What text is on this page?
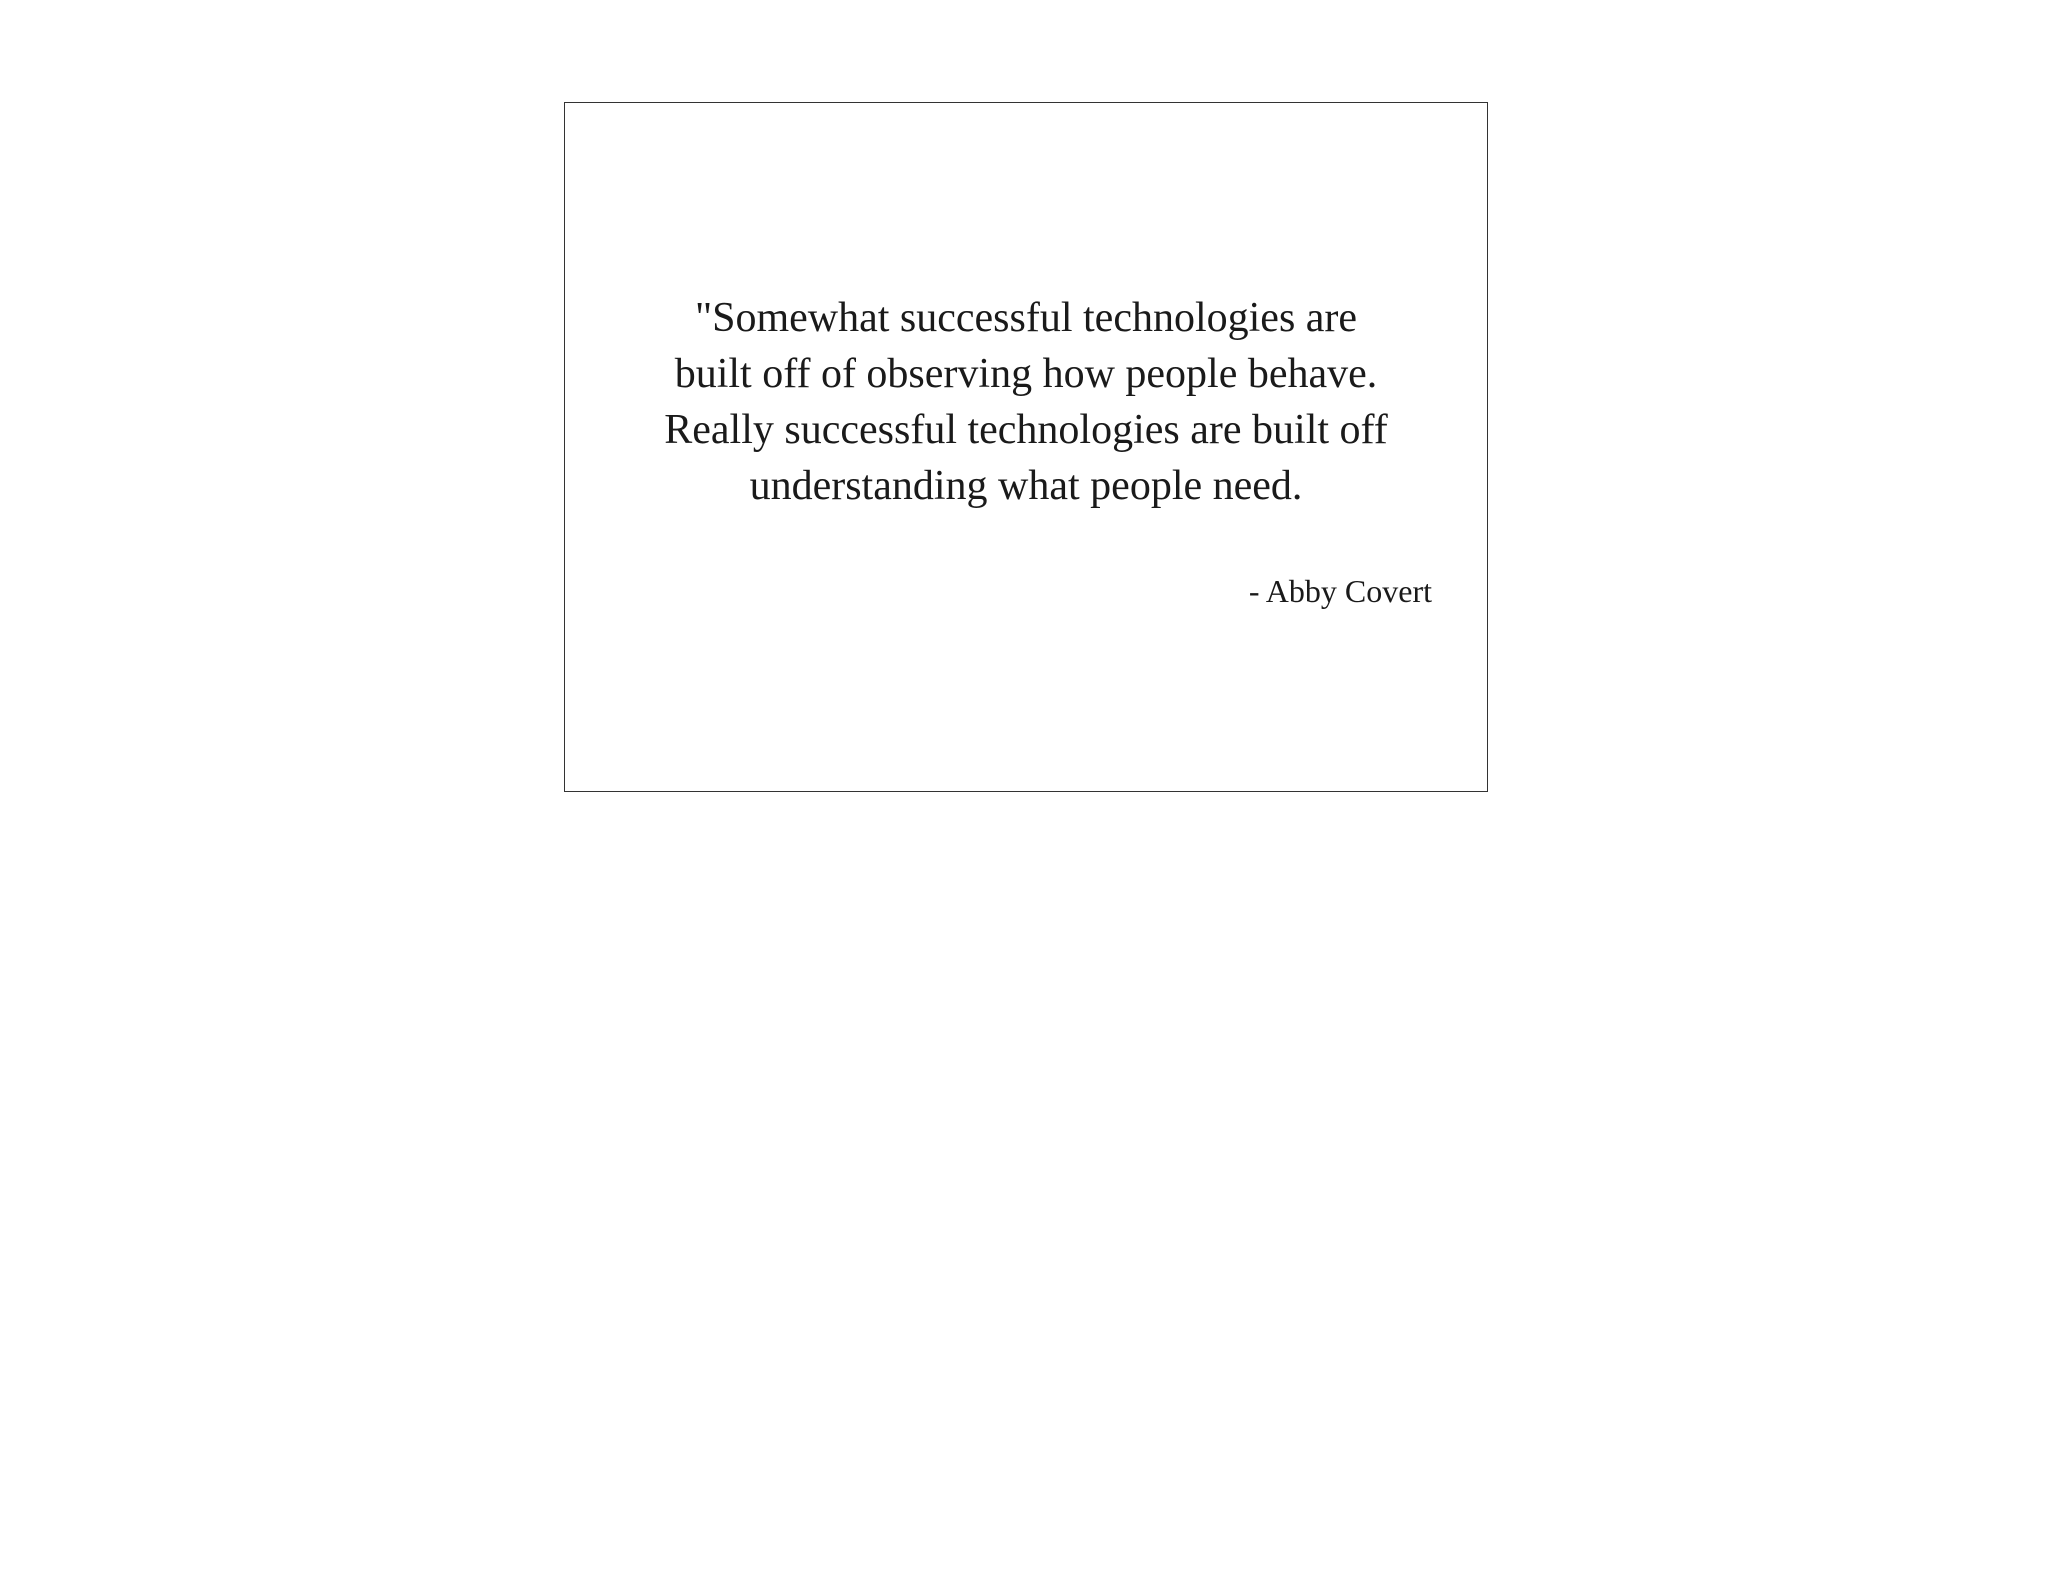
"Somewhat successful technologies are
built off of observing how people behave.
Really successful technologies are built off
understanding what people need.

- Abby Covert
